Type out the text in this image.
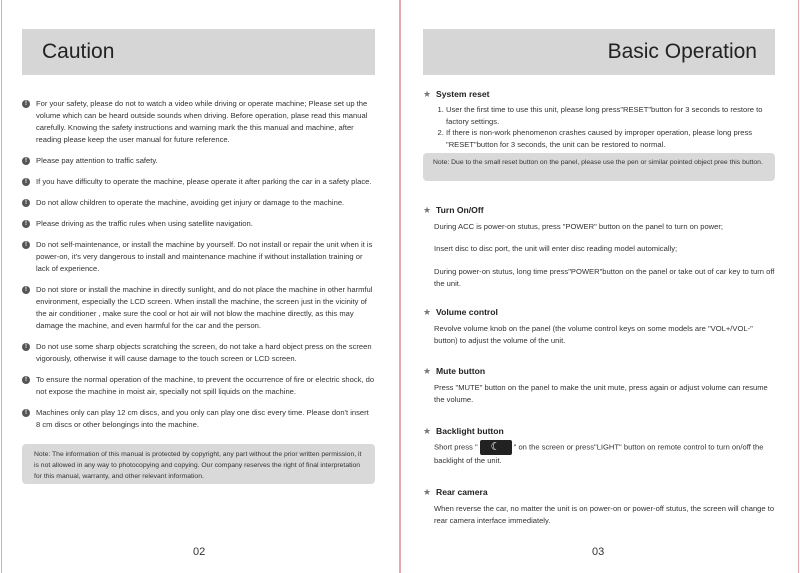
Caution
!	For your safety, please do not to watch a video while driving or operate machine; Please set up the volume which can be heard outside sounds when driving. Before operation, plase read this manual carefully. Knowing the safety instructions and warning mark the this manual and machine, after reading please keep the user manual for future reference.
!	Please pay attention to traffic safety.
!	If you have difficulty to operate the machine, please operate it after parking the car in a safety place.
!	Do not allow children to operate the machine, avoiding get injury or damage to the machine.
!	Please driving as the traffic rules when using satellite navigation.
!	Do not self-maintenance, or install the machine by yourself. Do not install or repair the unit when it is power-on, it's very dangerous to install and maintenance machine if without installation training or lack of experience.
!	Do not store or install the machine in directly sunlight, and do not place the machine in other harmful environment, especially the LCD screen. When install the machine, the screen just in the vicinity of the air conditioner , make sure the cool or hot air will not blow the machine directly, as this may damage the machine, and even harmful for the car and the person.
!	Do not use some sharp objects scratching the screen, do not take a hard object press on the screen vigorously, otherwise it will cause damage to the touch screen or LCD screen.
!	To ensure the normal operation of the machine, to prevent the occurrence of fire or electric shock, do not expose the machine in moist air, specially not spill liquids on the machine.
!	Machines only can play 12 cm discs, and you only can play one disc every time. Please don't insert 8 cm discs or other belongings into the machine.
Note: The information of this manual is protected by copyright, any part without the prior written permission, it is not allowed in any way to photocopying and copying. Our company reserves the right of final interpretation for this manual, warranty, and other relevant information.
02
Basic Operation
★ System reset
1. User the first time to use this unit, please long press"RESET"button for 3 seconds to restore to factory settings.
2. If there is non-work phenomenon crashes caused by improper operation, please long press "RESET"button for 3 seconds, the unit can be restored to normal.
Note: Due to the small reset button on the panel, please use the pen or similar pointed object pree this button.
★ Turn On/Off

During ACC is power-on stutus, press "POWER" button on the panel to turn on power;

Insert disc to disc port, the unit will enter disc reading model automically;

During power-on stutus, long time press"POWER"button on the panel or take out of car key to turn off the unit.

★ Volume control

Revolve volume knob on the panel (the volume control keys on some models are "VOL+/VOL-" button) to adjust the volume of the unit.

★ Mute button

Press "MUTE" button on the panel to make the unit mute, press again or adjust volume can resume the volume.

★ Backlight button

Short press " ☾ " on the screen or press"LIGHT" button on remote control to turn on/off the backlight of the unit.

★ Rear camera

When reverse the car, no matter the unit is on power-on or power-off stutus, the screen will change to rear camera interface immediately.

03
